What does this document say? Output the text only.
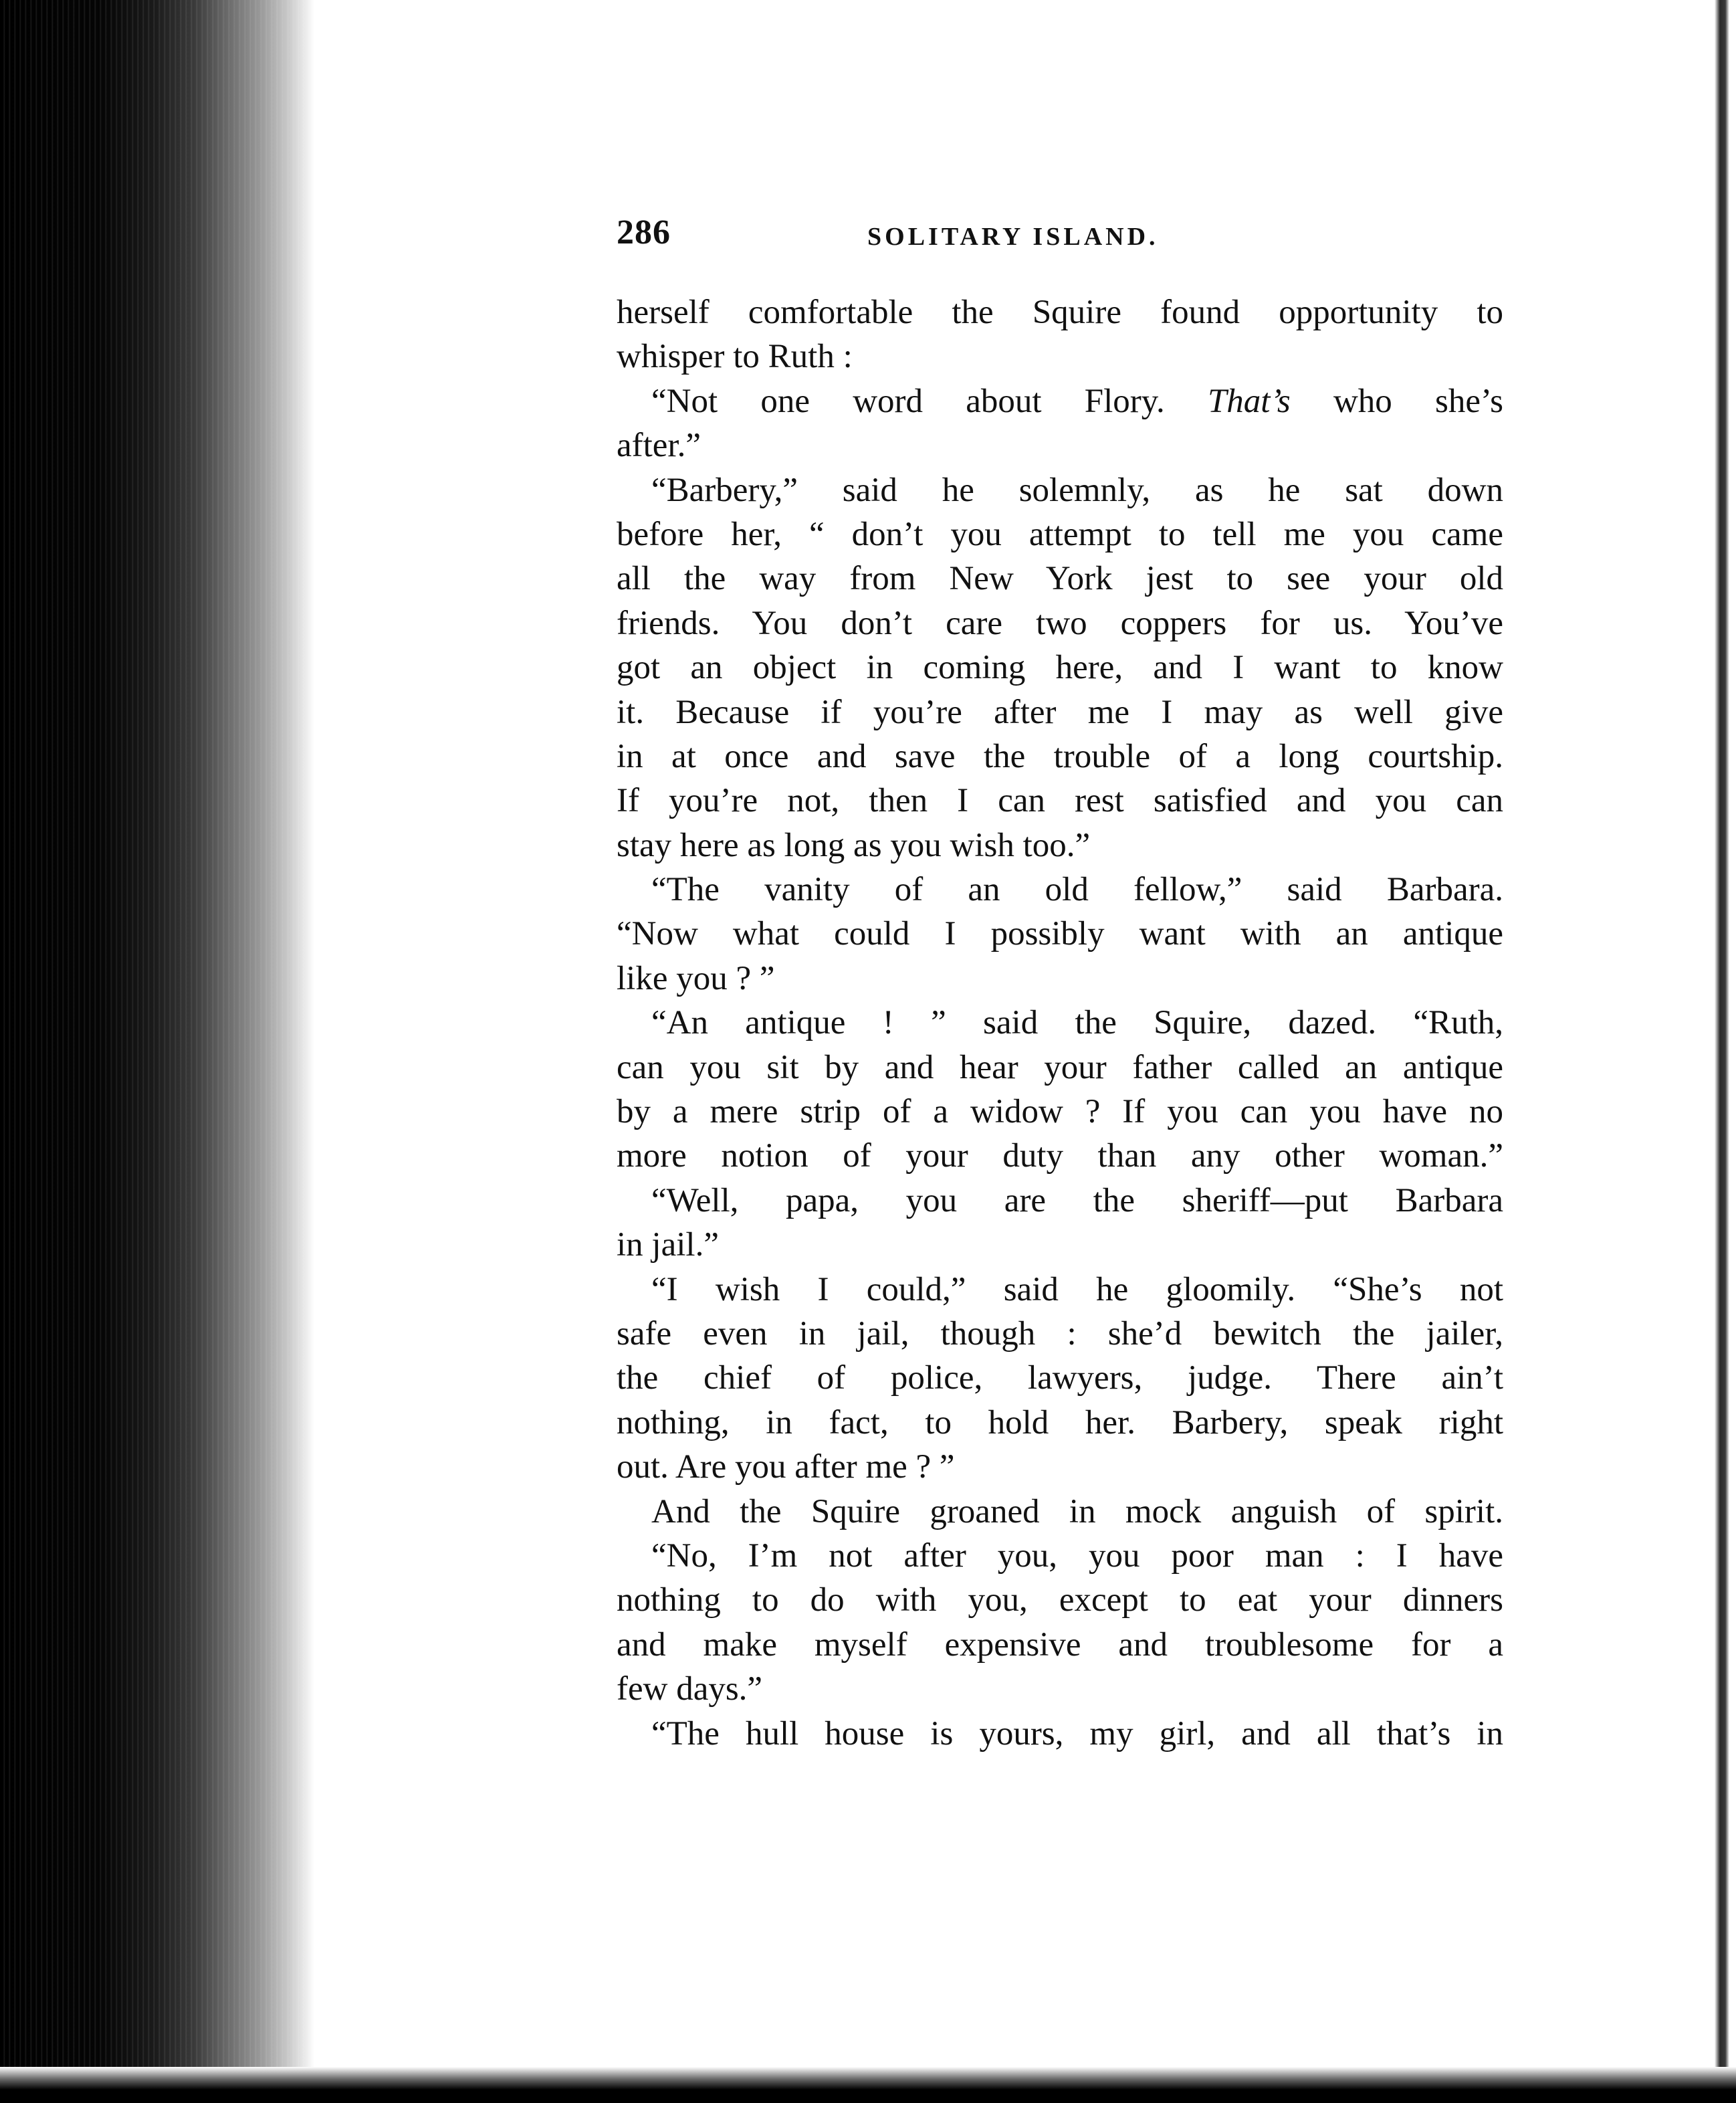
286	SOLITARY ISLAND.
herself comfortable the Squire found opportunity to
whisper to Ruth :
“Not one word about Flory. That’s who she’s
after.”
“Barbery,” said he solemnly, as he sat down
before her, “ don’t you attempt to tell me you came
all the way from New York jest to see your old
friends. You don’t care two coppers for us. You’ve
got an object in coming here, and I want to know
it. Because if you’re after me I may as well give
in at once and save the trouble of a long courtship.
If you’re not, then I can rest satisfied and you can
stay here as long as you wish too.”
“The vanity of an old fellow,” said Barbara.
“Now what could I possibly want with an antique
like you ? ”
“An antique ! ” said the Squire, dazed. “Ruth,
can you sit by and hear your father called an antique
by a mere strip of a widow ? If you can you have no
more notion of your duty than any other woman.”
“Well, papa, you are the sheriff—put Barbara
in jail.”
“I wish I could,” said he gloomily. “She’s not
safe even in jail, though : she’d bewitch the jailer,
the chief of police, lawyers, judge. There ain’t
nothing, in fact, to hold her. Barbery, speak right
out. Are you after me ? ”
And the Squire groaned in mock anguish of spirit.
“No, I’m not after you, you poor man : I have
nothing to do with you, except to eat your dinners
and make myself expensive and troublesome for a
few days.”
“The hull house is yours, my girl, and all that’s in
